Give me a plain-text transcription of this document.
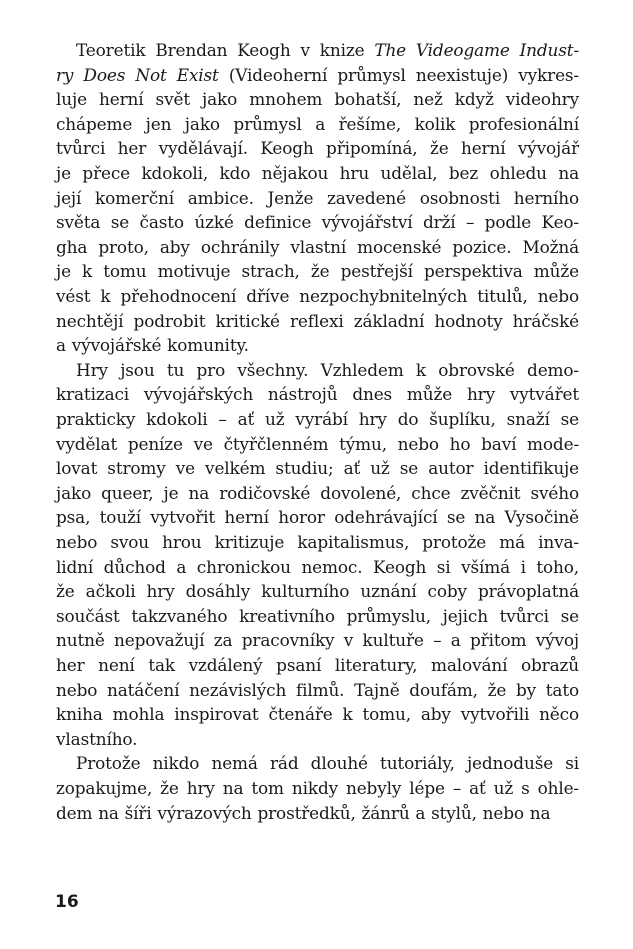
Teoretik Brendan Keogh v knize The Videogame Indust-
ry Does Not Exist (Videoherní průmysl neexistuje) vykres-
luje herní svět jako mnohem bohatší, než když videohry
chápeme jen jako průmysl a řešíme, kolik profesionální
tvůrci her vydělávají. Keogh připomíná, že herní vývojář
je přece kdokoli, kdo nějakou hru udělal, bez ohledu na
její komerční ambice. Jenže zavedené osobnosti herního
světa se často úzké definice vývojářství drží – podle Keo-
gha proto, aby ochránily vlastní mocenské pozice. Možná
je k tomu motivuje strach, že pestřejší perspektiva může
vést k přehodnocení dříve nezpochybnitelných titulů, nebo
nechtějí podrobit kritické reflexi základní hodnoty hráčské
a vývojářské komunity.
Hry jsou tu pro všechny. Vzhledem k obrovské demo-
kratizaci vývojářských nástrojů dnes může hry vytvářet
prakticky kdokoli – ať už vyrábí hry do šuplíku, snaží se
vydělat peníze ve čtyřčlenném týmu, nebo ho baví mode-
lovat stromy ve velkém studiu; ať už se autor identifikuje
jako queer, je na rodičovské dovolené, chce zvěčnit svého
psa, touží vytvořit herní horor odehrávající se na Vysočině
nebo svou hrou kritizuje kapitalismus, protože má inva-
lidní důchod a chronickou nemoc. Keogh si všímá i toho,
že ačkoli hry dosáhly kulturního uznání coby právoplatná
součást takzvaného kreativního průmyslu, jejich tvůrci se
nutně nepovažují za pracovníky v kultuře – a přitom vývoj
her není tak vzdálený psaní literatury, malování obrazů
nebo natáčení nezávislých filmů. Tajně doufám, že by tato
kniha mohla inspirovat čtenáře k tomu, aby vytvořili něco
vlastního.
Protože nikdo nemá rád dlouhé tutoriály, jednoduše si
zopakujme, že hry na tom nikdy nebyly lépe – ať už s ohle-
dem na šíři výrazových prostředků, žánrů a stylů, nebo na
16
